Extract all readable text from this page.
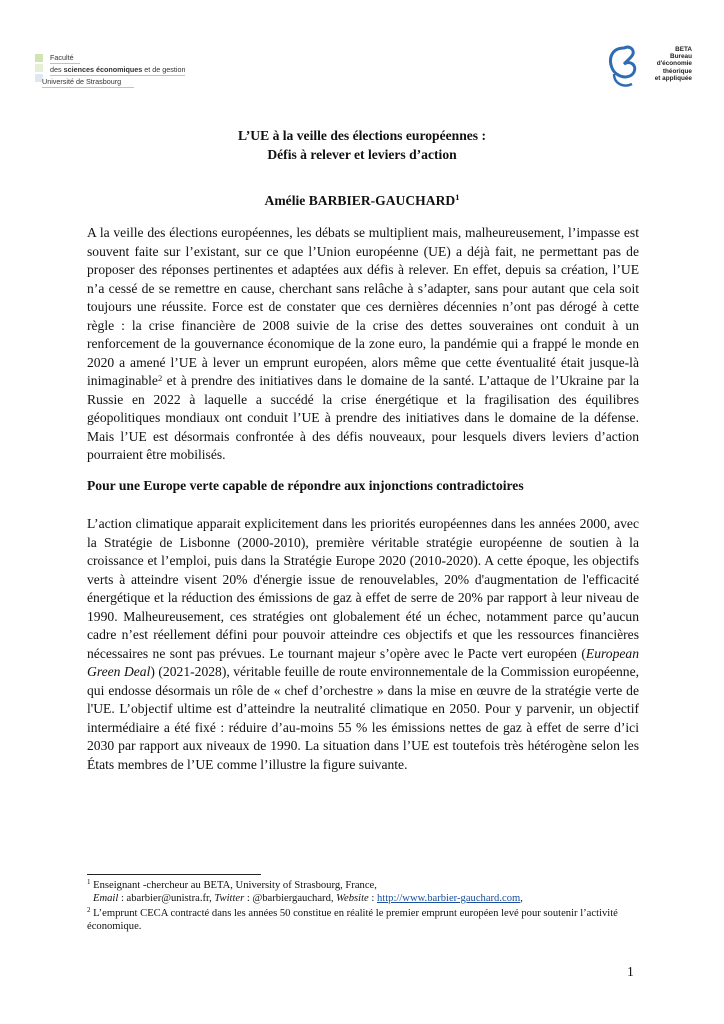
Faculté
des sciences économiques et de gestion
Université de Strasbourg
BETA
Bureau
d'économie
théorique
et appliquée
L’UE à la veille des élections européennes :
Défis à relever et leviers d’action
Amélie BARBIER-GAUCHARD$^1$
A la veille des élections européennes, les débats se multiplient mais, malheureusement, l’impasse est souvent faite sur l’existant, sur ce que l’Union européenne (UE) a déjà fait, ne permettant pas de proposer des réponses pertinentes et adaptées aux défis à relever. En effet, depuis sa création, l’UE n’a cessé de se remettre en cause, cherchant sans relâche à s’adapter, sans pour autant que cela soit toujours une réussite. Force est de constater que ces dernières décennies n’ont pas dérogé à cette règle : la crise financière de 2008 suivie de la crise des dettes souveraines ont conduit à un renforcement de la gouvernance économique de la zone euro, la pandémie qui a frappé le monde en 2020 a amené l’UE à lever un emprunt européen, alors même que cette éventualité était jusque-là inimaginable$^2$ et à prendre des initiatives dans le domaine de la santé. L’attaque de l’Ukraine par la Russie en 2022 à laquelle a succédé la crise énergétique et la fragilisation des équilibres géopolitiques mondiaux ont conduit l’UE à prendre des initiatives dans le domaine de la défense. Mais l’UE est désormais confrontée à des défis nouveaux, pour lesquels divers leviers d’action pourraient être mobilisés.
Pour une Europe verte capable de répondre aux injonctions contradictoires
L’action climatique apparait explicitement dans les priorités européennes dans les années 2000, avec la Stratégie de Lisbonne (2000-2010), première véritable stratégie européenne de soutien à la croissance et l’emploi, puis dans la Stratégie Europe 2020 (2010-2020). A cette époque, les objectifs verts à atteindre visent 20% d'énergie issue de renouvelables, 20% d'augmentation de l'efficacité énergétique et la réduction des émissions de gaz à effet de serre de 20% par rapport à leur niveau de 1990. Malheureusement, ces stratégies ont globalement été un échec, notamment parce qu’aucun cadre n’est réellement défini pour pouvoir atteindre ces objectifs et que les ressources financières nécessaires ne sont pas prévues. Le tournant majeur s’opère avec le Pacte vert européen (European Green Deal) (2021-2028), véritable feuille de route environnementale de la Commission européenne, qui endosse désormais un rôle de « chef d’orchestre » dans la mise en œuvre de la stratégie verte de l'UE. L’objectif ultime est d’atteindre la neutralité climatique en 2050. Pour y parvenir, un objectif intermédiaire a été fixé : réduire d’au-moins 55 % les émissions nettes de gaz à effet de serre d’ici 2030 par rapport aux niveaux de 1990. La situation dans l’UE est toutefois très hétérogène selon les États membres de l’UE comme l’illustre la figure suivante.
$^1$ Enseignant -chercheur au BETA, University of Strasbourg, France,
Email : abarbier@unistra.fr, Twitter : @barbiergauchard, Website : http://www.barbier-gauchard.com,
$^2$ L’emprunt CECA contracté dans les années 50 constitue en réalité le premier emprunt européen levé pour soutenir l’activité économique.
1
